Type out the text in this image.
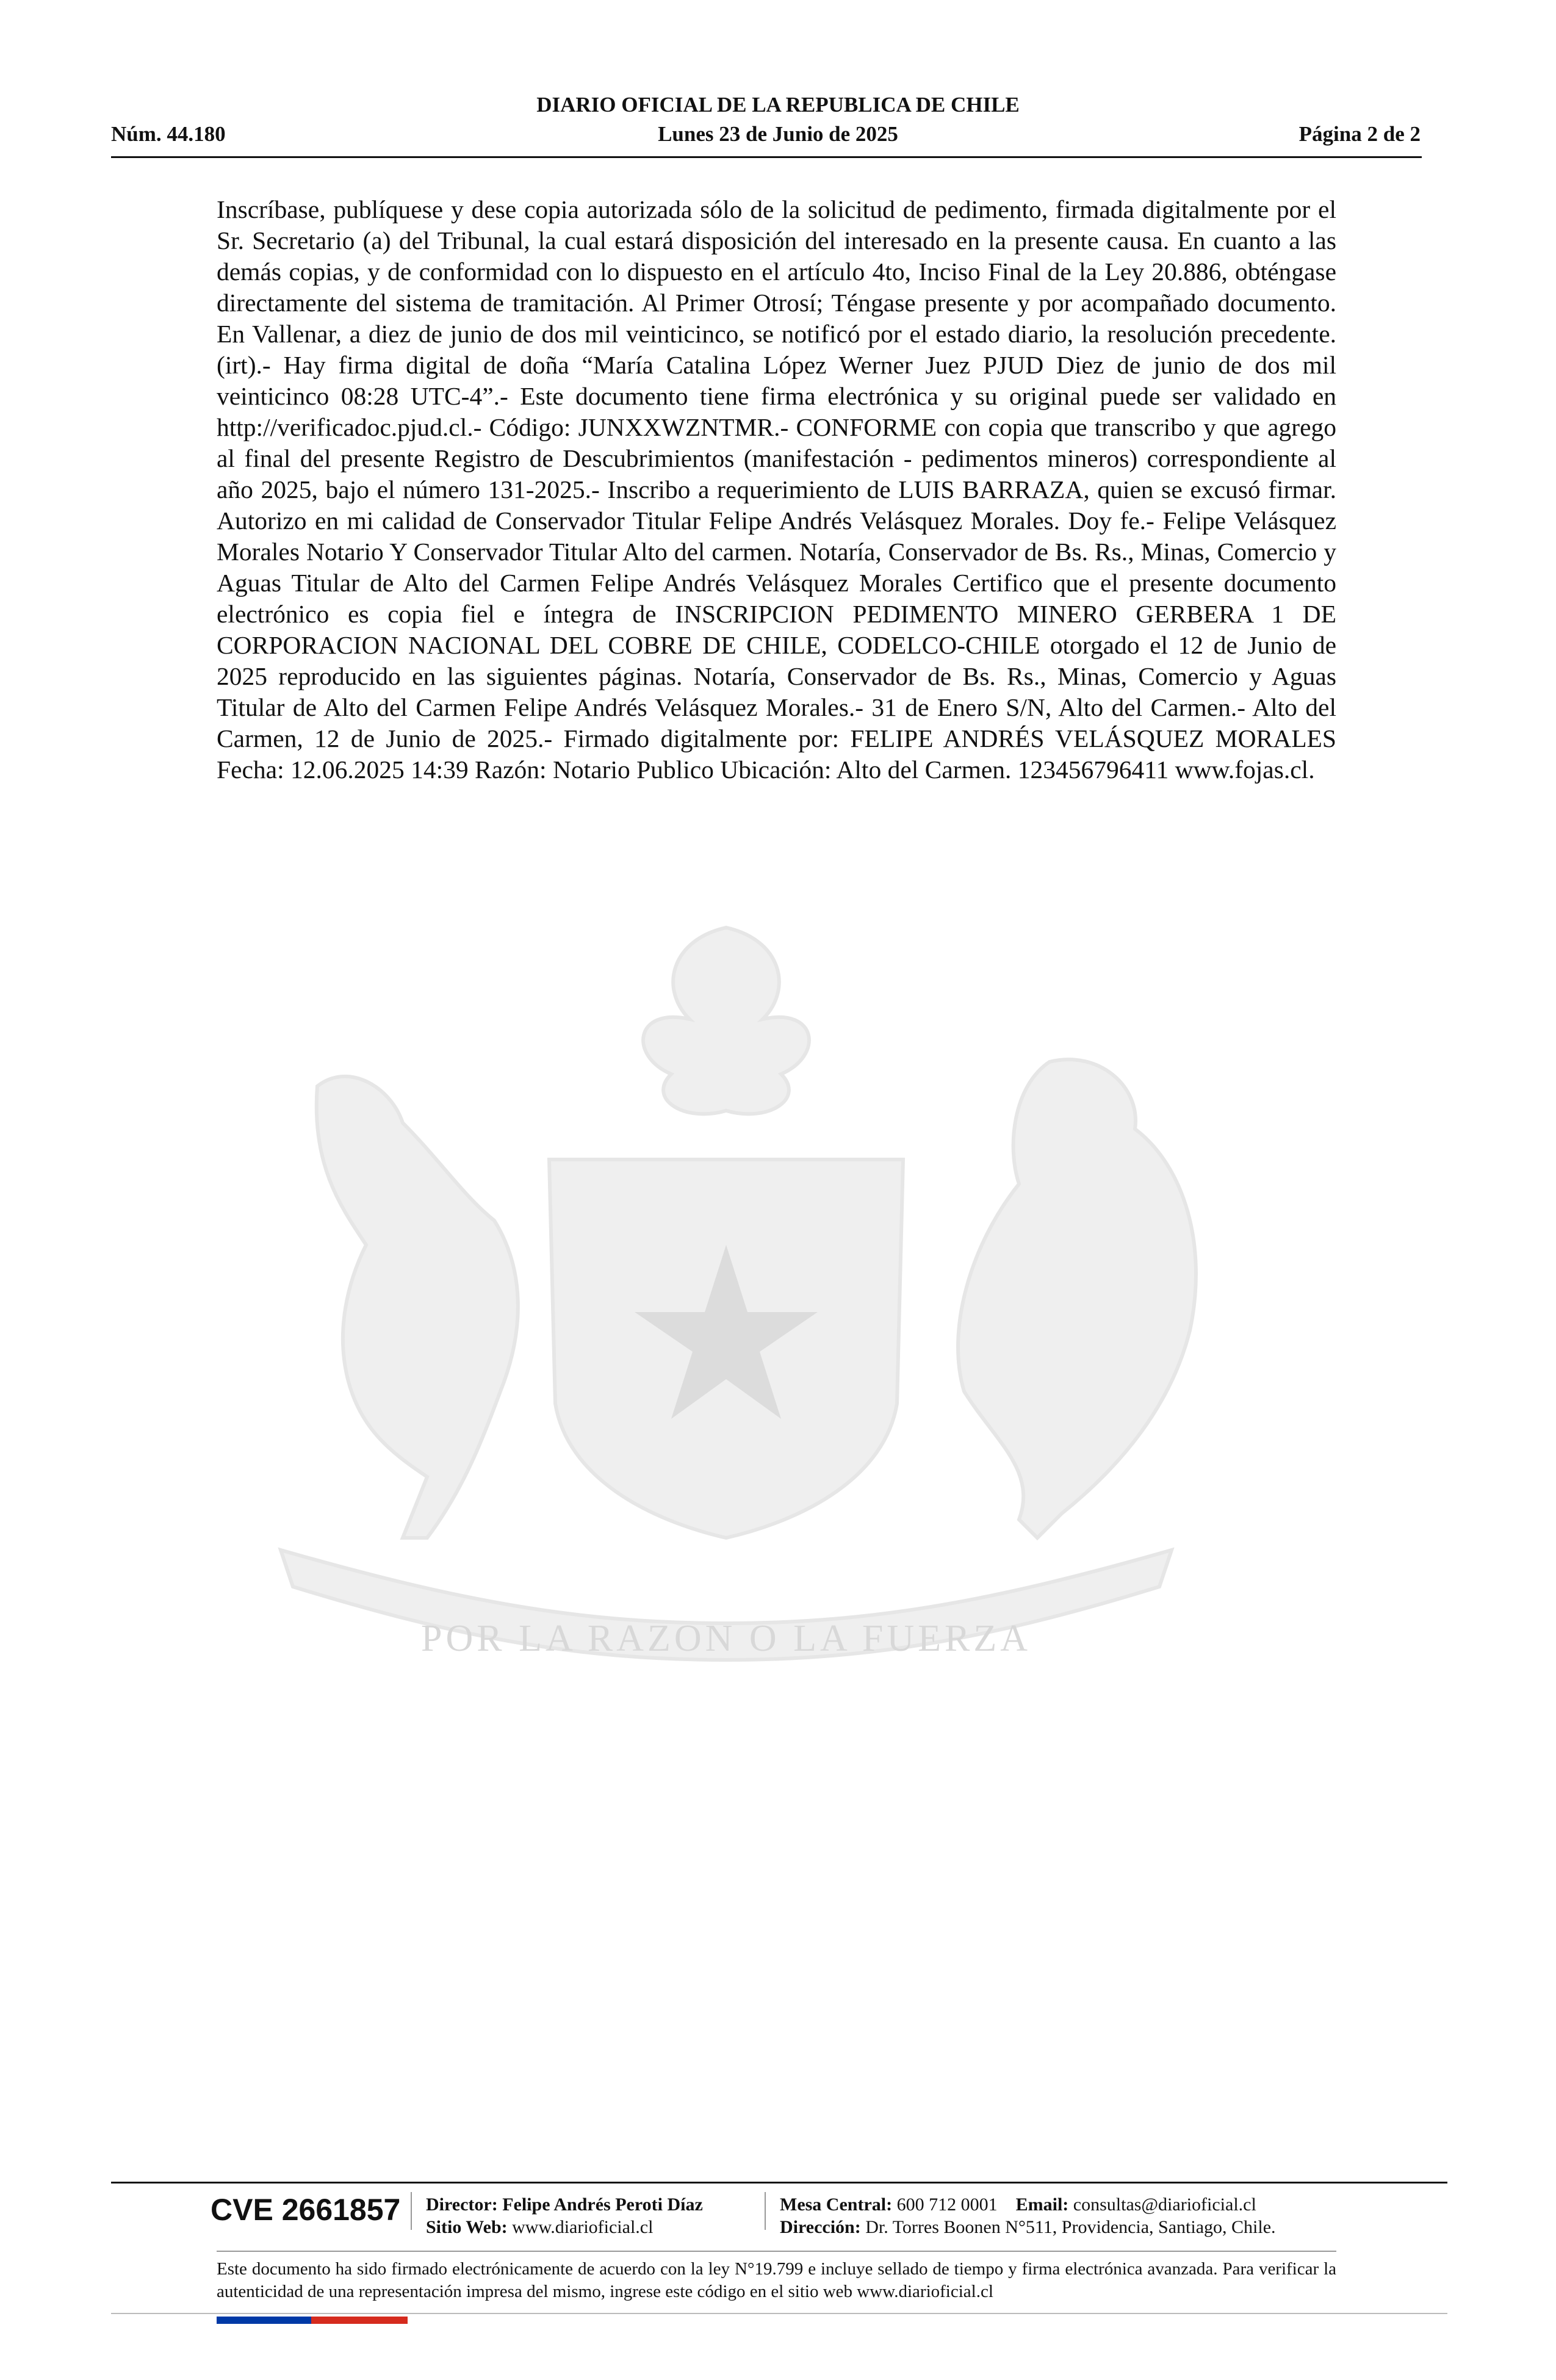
DIARIO OFICIAL DE LA REPUBLICA DE CHILE
Núm. 44.180	Lunes 23 de Junio de 2025	Página 2 de 2
POR LA RAZON O LA FUERZA
Inscríbase, publíquese y dese copia autorizada sólo de la solicitud de pedimento, firmada digitalmente por el Sr. Secretario (a) del Tribunal, la cual estará disposición del interesado en la presente causa. En cuanto a las demás copias, y de conformidad con lo dispuesto en el artículo 4to, Inciso Final de la Ley 20.886, obténgase directamente del sistema de tramitación. Al Primer Otrosí; Téngase presente y por acompañado documento. En Vallenar, a diez de junio de dos mil veinticinco, se notificó por el estado diario, la resolución precedente. (irt).- Hay firma digital de doña “María Catalina López Werner Juez PJUD Diez de junio de dos mil veinticinco 08:28 UTC-4”.- Este documento tiene firma electrónica y su original puede ser validado en http://verificadoc.pjud.cl.- Código: JUNXXWZNTMR.- CONFORME con copia que transcribo y que agrego al final del presente Registro de Descubrimientos (manifestación - pedimentos mineros) correspondiente al año 2025, bajo el número 131-2025.- Inscribo a requerimiento de LUIS BARRAZA, quien se excusó firmar. Autorizo en mi calidad de Conservador Titular Felipe Andrés Velásquez Morales. Doy fe.- Felipe Velásquez Morales Notario Y Conservador Titular Alto del carmen. Notaría, Conservador de Bs. Rs., Minas, Comercio y Aguas Titular de Alto del Carmen Felipe Andrés Velásquez Morales Certifico que el presente documento electrónico es copia fiel e íntegra de INSCRIPCION PEDIMENTO MINERO GERBERA 1 DE CORPORACION NACIONAL DEL COBRE DE CHILE, CODELCO-CHILE otorgado el 12 de Junio de 2025 reproducido en las siguientes páginas. Notaría, Conservador de Bs. Rs., Minas, Comercio y Aguas Titular de Alto del Carmen Felipe Andrés Velásquez Morales.- 31 de Enero S/N, Alto del Carmen.- Alto del Carmen, 12 de Junio de 2025.- Firmado digitalmente por: FELIPE ANDRÉS VELÁSQUEZ MORALES Fecha: 12.06.2025 14:39 Razón: Notario Publico Ubicación: Alto del Carmen. 123456796411 www.fojas.cl.
CVE 2661857 Director: Felipe Andrés Peroti Díaz
Sitio Web: www.diarioficial.cl
Mesa Central: 600 712 0001 Email: consultas@diarioficial.cl
Dirección: Dr. Torres Boonen N°511, Providencia, Santiago, Chile.
Este documento ha sido firmado electrónicamente de acuerdo con la ley N°19.799 e incluye sellado de tiempo y firma electrónica avanzada. Para verificar la autenticidad de una representación impresa del mismo, ingrese este código en el sitio web www.diarioficial.cl
